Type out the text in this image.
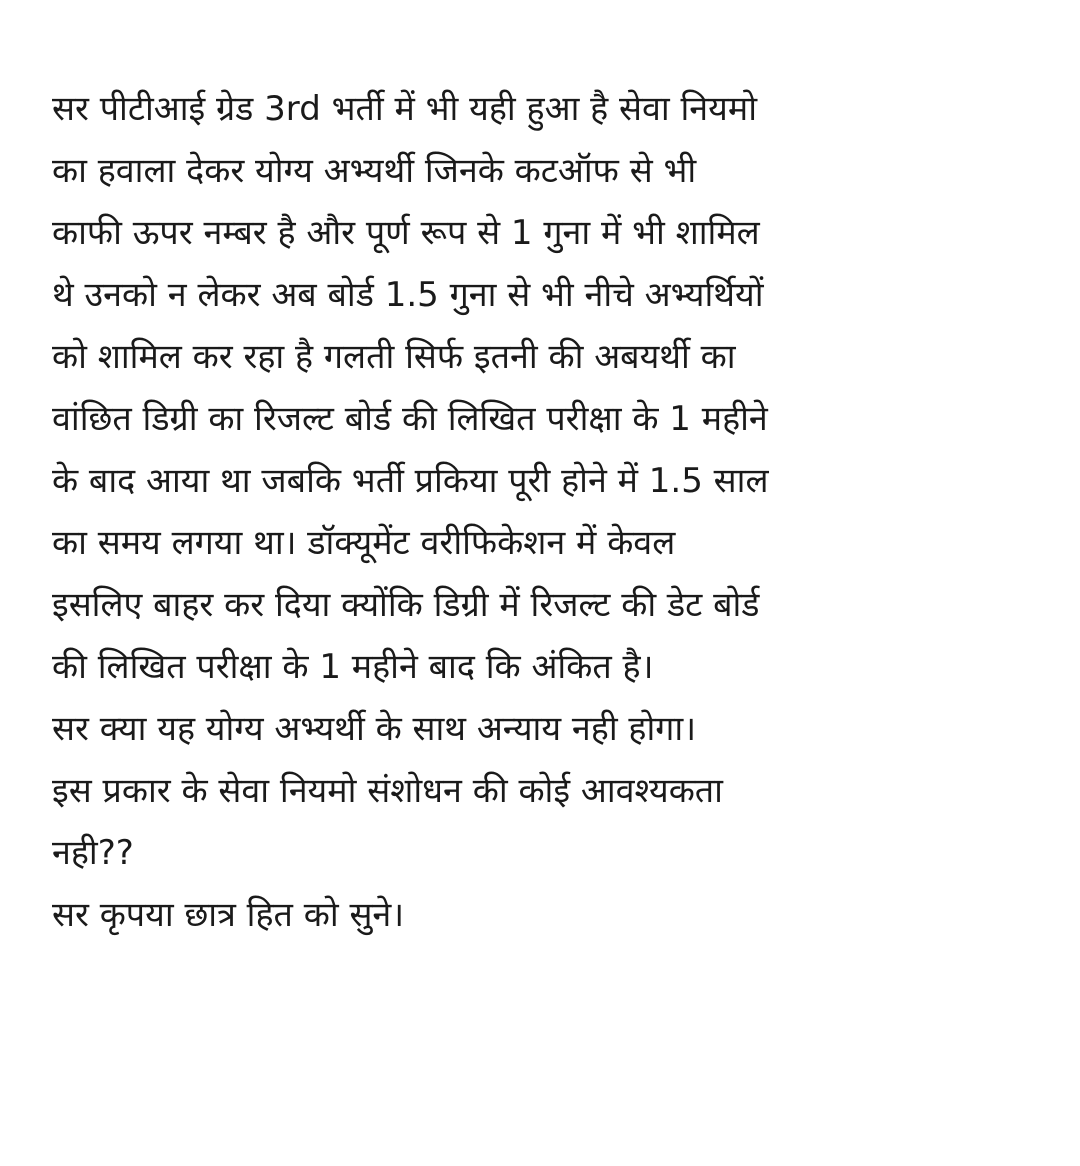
सर पीटीआई ग्रेड 3rd भर्ती में भी यही हुआ है सेवा नियमो
का हवाला देकर योग्य अभ्यर्थी जिनके कटऑफ से भी
काफी ऊपर नम्बर है और पूर्ण रूप से 1 गुना में भी शामिल
थे उनको न लेकर अब बोर्ड 1.5 गुना से भी नीचे अभ्यर्थियों
को शामिल कर रहा है गलती सिर्फ इतनी की अबयर्थी का
वांछित डिग्री का रिजल्ट बोर्ड की लिखित परीक्षा के 1 महीने
के बाद आया था जबकि भर्ती प्रकिया पूरी होने में 1.5 साल
का समय लगया था। डॉक्यूमेंट वरीफिकेशन में केवल
इसलिए बाहर कर दिया क्योंकि डिग्री में रिजल्ट की डेट बोर्ड
की लिखित परीक्षा के 1 महीने बाद कि अंकित है।
सर क्या यह योग्य अभ्यर्थी के साथ अन्याय नही होगा।
इस प्रकार के सेवा नियमो संशोधन की कोई आवश्यकता
नही??
सर कृपया छात्र हित को सुने।
